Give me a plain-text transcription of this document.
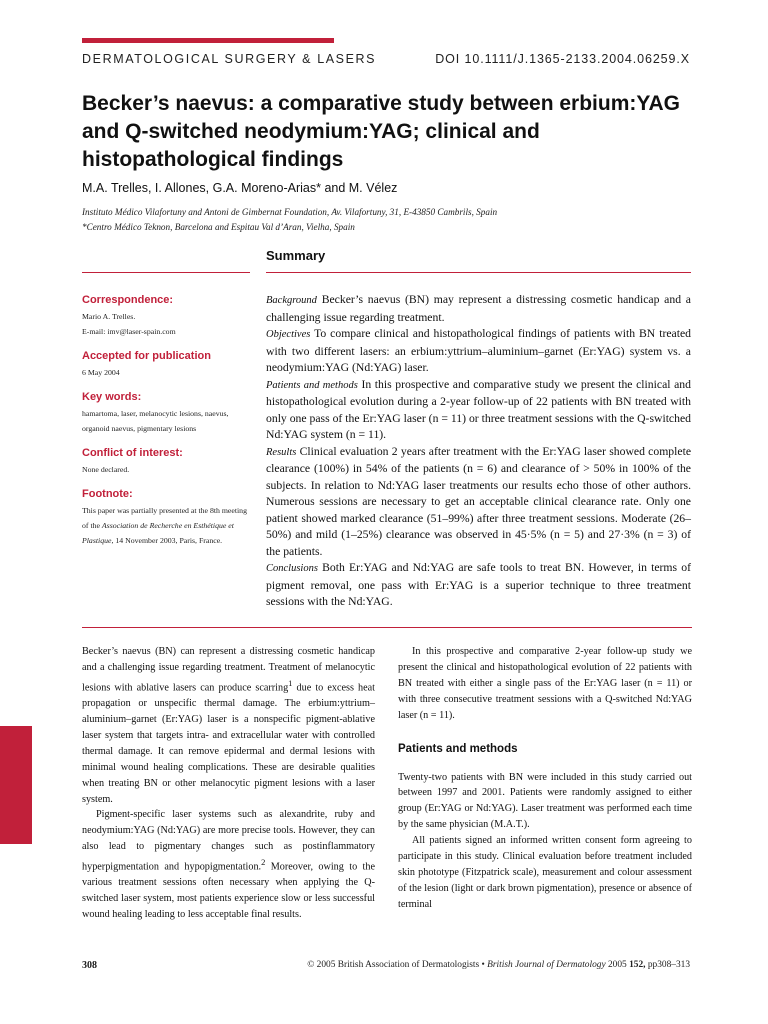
DERMATOLOGICAL SURGERY & LASERS	DOI 10.1111/J.1365-2133.2004.06259.X
Becker’s naevus: a comparative study between erbium:YAG and Q-switched neodymium:YAG; clinical and histopathological findings
M.A. Trelles, I. Allones, G.A. Moreno-Arias* and M. Vélez
Instituto Médico Vilafortuny and Antoni de Gimbernat Foundation, Av. Vilafortuny, 31, E-43850 Cambrils, Spain
*Centro Médico Teknon, Barcelona and Espitau Val d’Aran, Vielha, Spain
Summary
Correspondence:
Mario A. Trelles.
E-mail: imv@laser-spain.com
Accepted for publication
6 May 2004
Key words:
hamartoma, laser, melanocytic lesions, naevus, organoid naevus, pigmentary lesions
Conflict of interest:
None declared.
Footnote:
This paper was partially presented at the 8th meeting of the Association de Recherche en Esthétique et Plastique, 14 November 2003, Paris, France.

Background Becker’s naevus (BN) may represent a distressing cosmetic handicap and a challenging issue regarding treatment.

Objectives To compare clinical and histopathological findings of patients with BN treated with two different lasers: an erbium:yttrium–aluminium–garnet (Er:YAG) system vs. a neodymium:YAG (Nd:YAG) laser.

Patients and methods In this prospective and comparative study we present the clinical and histopathological evolution during a 2-year follow-up of 22 patients with BN treated with only one pass of the Er:YAG laser (n = 11) or three treatment sessions with the Q-switched Nd:YAG system (n = 11).

Results Clinical evaluation 2 years after treatment with the Er:YAG laser showed complete clearance (100%) in 54% of the patients (n = 6) and clearance of > 50% in 100% of the subjects. In relation to Nd:YAG laser treatments our results echo those of other authors. Numerous sessions are necessary to get an acceptable clinical clearance rate. Only one patient showed marked clearance (51–99%) after three treatment sessions. Moderate (26–50%) and mild (1–25%) clearance was observed in 45·5% (n = 5) and 27·3% (n = 3) of the patients.

Conclusions Both Er:YAG and Nd:YAG are safe tools to treat BN. However, in terms of pigment removal, one pass with Er:YAG is a superior technique to three treatment sessions with the Nd:YAG.

Becker’s naevus (BN) can represent a distressing cosmetic handicap and a challenging issue regarding treatment. Treatment of melanocytic lesions with ablative lasers can produce scarring$^1$ due to excess heat propagation or unspecific thermal damage. The erbium:yttrium–aluminium–garnet (Er:YAG) laser is a nonspecific pigment-ablative laser system that targets intra- and extracellular water with controlled thermal damage. It can remove epidermal and dermal lesions with minimal wound healing complications. These are desirable qualities when treating BN or other melanocytic pigment lesions with a laser system.

Pigment-specific laser systems such as alexandrite, ruby and neodymium:YAG (Nd:YAG) are more precise tools. However, they can also lead to pigmentary changes such as postinflammatory hyperpigmentation and hypopigmentation.$^2$ Moreover, owing to the various treatment sessions often necessary when applying the Q-switched laser system, most patients experience slow or less successful wound healing leading to less acceptable final results.

In this prospective and comparative 2-year follow-up study we present the clinical and histopathological evolution of 22 patients with BN treated with either a single pass of the Er:YAG laser (n = 11) or with three consecutive treatment sessions with a Q-switched Nd:YAG laser (n = 11).

Patients and methods

Twenty-two patients with BN were included in this study carried out between 1997 and 2001. Patients were randomly assigned to either group (Er:YAG or Nd:YAG). Laser treatment was performed each time by the same physician (M.A.T.).

All patients signed an informed written consent form agreeing to participate in this study. Clinical evaluation before treatment included skin phototype (Fitzpatrick scale), measurement and colour assessment of the lesion (light or dark brown pigmentation), presence or absence of terminal

308	© 2005 British Association of Dermatologists • British Journal of Dermatology 2005 152, pp308–313
